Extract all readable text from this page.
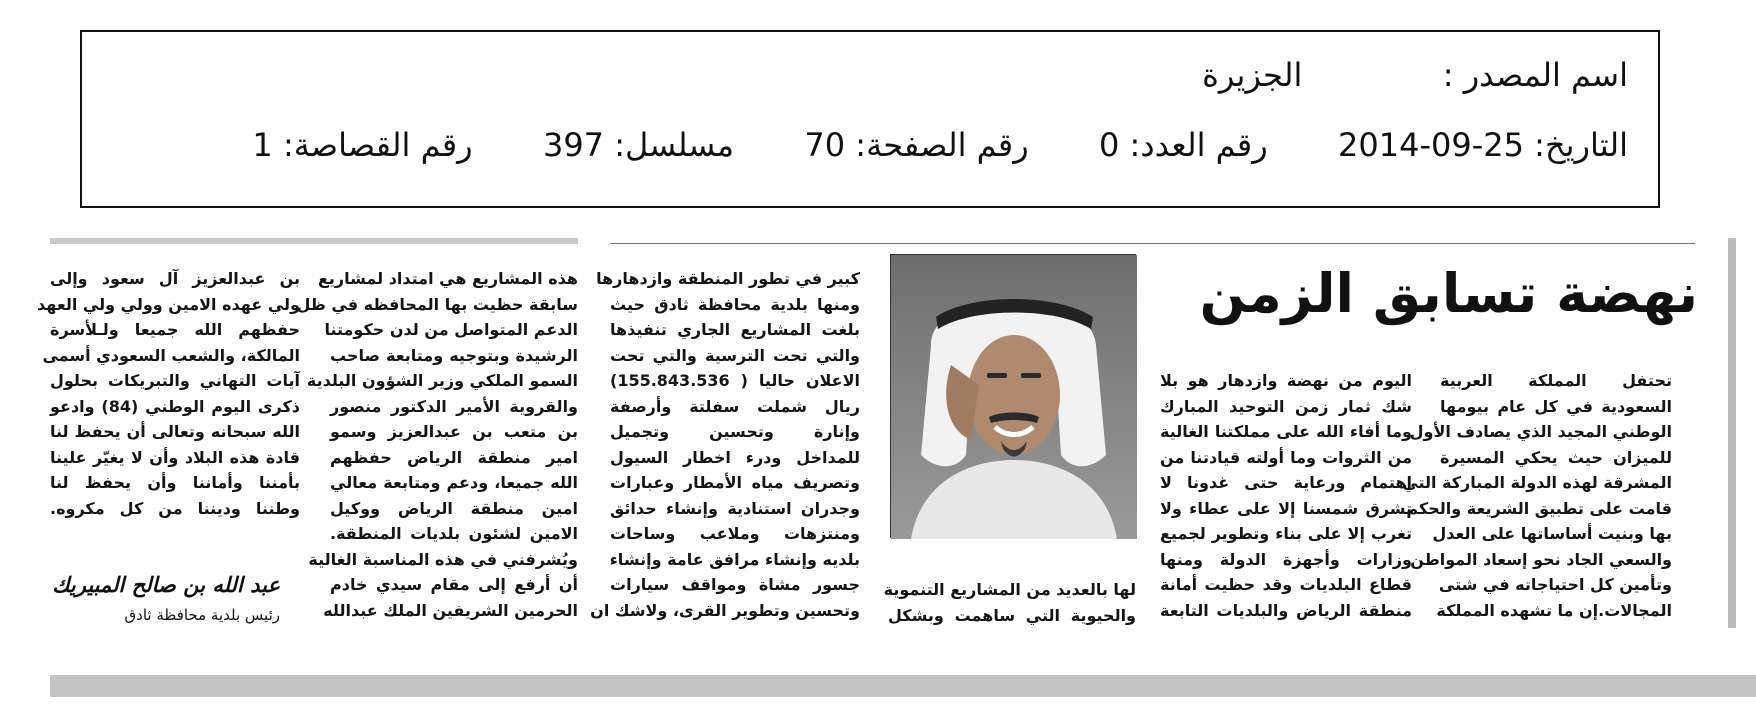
اسم المصدر :  الجزيرة
التاريخ: 2014-09-25  رقم العدد: 0  رقم الصفحة: 70  مسلسل: 397  رقم القصاصة: 1
نهضة تسابق الزمن
تحتفل المملكة العربية
السعودية في كل عام بيومها
الوطني المجيد الذي يصادف الأول
للميزان حيث يحكي المسيرة
المشرقة لهذه الدولة المباركة التي
قامت على تطبيق الشريعة والحكم
بها وبنيت أساساتها على العدل
والسعي الجاد نحو إسعاد المواطن
وتأمين كل احتياجاته في شتى
المجالات.إن ما تشهده المملكة
اليوم من نهضة وازدهار هو بلا
شك ثمار زمن التوحيد المبارك
وما أفاء الله على مملكتنا الغالية
من الثروات وما أولته قيادتنا من
اهتمام ورعاية حتى غدونا لا
تشرق شمسنا إلا على عطاء ولا
تغرب إلا على بناء وتطوير لجميع
وزارات وأجهزة الدولة ومنها
قطاع البلديات وقد حظيت أمانة
منطقة الرياض والبلديات التابعة
لها بالعديد من المشاريع التنموية
والحيوية التي ساهمت وبشكل
كبير في تطور المنطقة وازدهارها
ومنها بلدية محافظة ثادق حيث
بلغت المشاريع الجاري تنفيذها
والتي تحت الترسية والتي تحت
الاعلان حاليا ( 155.843.536)
ريال شملت سفلتة وأرصفة
وإنارة وتحسين وتجميل
للمداخل ودرء اخطار السيول
وتصريف مياه الأمطار وعبارات
وجدران استنادية وإنشاء حدائق
ومنتزهات وملاعب وساحات
بلديه وإنشاء مرافق عامة وإنشاء
جسور مشاة ومواقف سيارات
وتحسين وتطوير القرى، ولاشك ان
هذه المشاريع هي امتداد لمشاريع
سابقة حظيت بها المحافظه في ظل
الدعم المتواصل من لدن حكومتنا
الرشيدة وبتوجيه ومتابعة صاحب
السمو الملكي وزير الشؤون البلدية
والقروية الأمير الدكتور منصور
بن متعب بن عبدالعزيز وسمو
امير منطقة الرياض حفظهم
الله جميعا، ودعم ومتابعة معالي
امين منطقة الرياض ووكيل
الامين لشئون بلديات المنطقة.
ويُشرفني في هذه المناسبة الغالية
أن أرفع إلى مقام سيدي خادم
الحرمين الشريفين الملك عبدالله
بن عبدالعزيز آل سعود وإلى
ولي عهده الامين وولي ولي العهد
حفظهم الله جميعا ولـلأسرة
المالكة، والشعب السعودي أسمى
آيات التهاني والتبريكات بحلول
ذكرى اليوم الوطني (84) وادعو
الله سبحانه وتعالى أن يحفظ لنا
قادة هذه البلاد وأن لا يغيّر علينا
بأمننا وأماننا وأن يحفظ لنا
وطننا وديننا من كل مكروه.
عبد الله بن صالح المبيريك
رئيس بلدية محافظة ثادق
